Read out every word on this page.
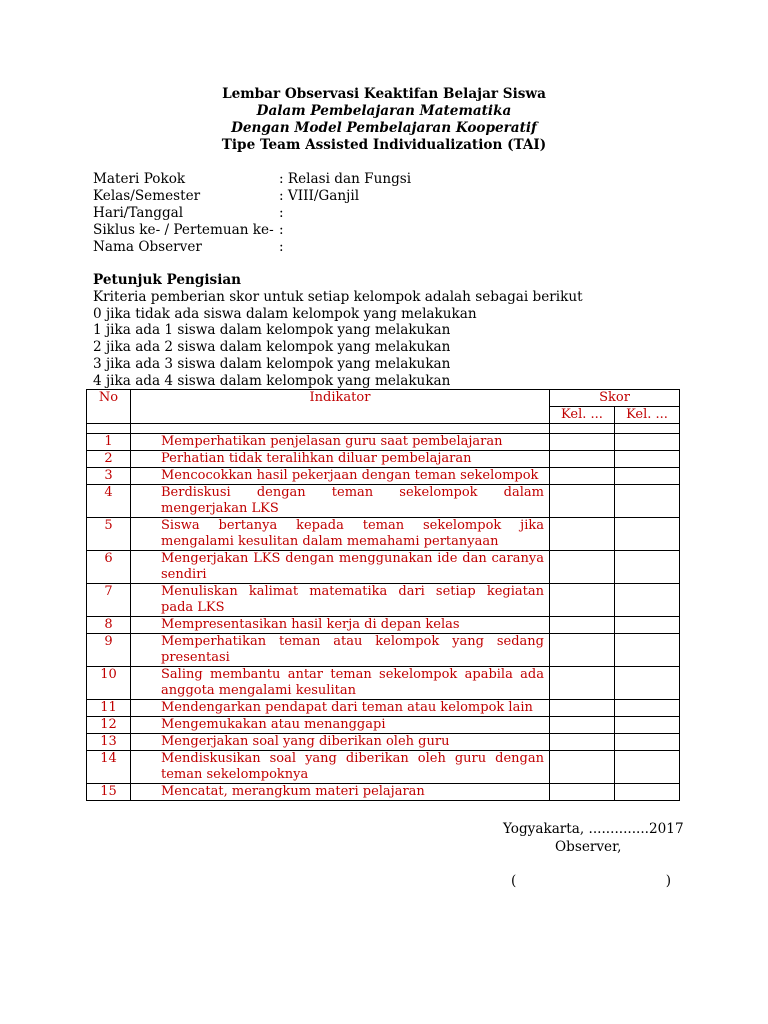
Lembar Observasi Keaktifan Belajar Siswa
Dalam Pembelajaran Matematika
Dengan Model Pembelajaran Kooperatif
Tipe Team Assisted Individualization (TAI)
Materi Pokok	: Relasi dan Fungsi
Kelas/Semester	: VIII/Ganjil
Hari/Tanggal	:
Siklus ke- / Pertemuan ke- :
Nama Observer	:
Petunjuk Pengisian
Kriteria pemberian skor untuk setiap kelompok adalah sebagai berikut
0 jika tidak ada siswa dalam kelompok yang melakukan
1 jika ada 1 siswa dalam kelompok yang melakukan
2 jika ada 2 siswa dalam kelompok yang melakukan
3 jika ada 3 siswa dalam kelompok yang melakukan
4 jika ada 4 siswa dalam kelompok yang melakukan
No	Indikator	Skor	
		Kel. ...	Kel. ...

1	Memperhatikan penjelasan guru saat pembelajaran		
2	Perhatian tidak teralihkan diluar pembelajaran		
3	Mencocokkan hasil pekerjaan dengan teman sekelompok		
4	Berdiskusi dengan teman sekelompok dalam mengerjakan LKS		
5	Siswa bertanya kepada teman sekelompok jika mengalami kesulitan dalam memahami pertanyaan		
6	Mengerjakan LKS dengan menggunakan ide dan caranya sendiri		
7	Menuliskan kalimat matematika dari setiap kegiatan pada LKS		
8	Mempresentasikan hasil kerja di depan kelas		
9	Memperhatikan teman atau kelompok yang sedang presentasi		
10	Saling membantu antar teman sekelompok apabila ada anggota mengalami kesulitan		
11	Mendengarkan pendapat dari teman atau kelompok lain		
12	Mengemukakan atau menanggapi		
13	Mengerjakan soal yang diberikan oleh guru		
14	Mendiskusikan soal yang diberikan oleh guru dengan teman sekelompoknya		
15	Mencatat, merangkum materi pelajaran		
Yogyakarta, ..............2017
Observer,
(	)
